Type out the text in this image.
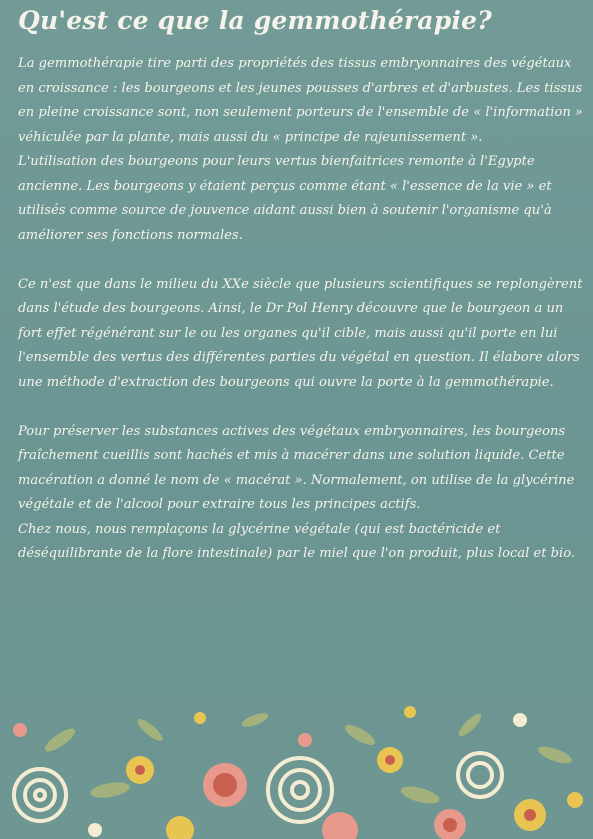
Qu'est ce que la gemmothérapie?

La gemmothérapie tire parti des propriétés des tissus embryonnaires des végétaux en croissance : les bourgeons et les jeunes pousses d'arbres et d'arbustes. Les tissus en pleine croissance sont, non seulement porteurs de l'ensemble de « l'information » véhiculée par la plante, mais aussi du « principe de rajeunissement ».

L'utilisation des bourgeons pour leurs vertus bienfaitrices remonte à l'Egypte ancienne. Les bourgeons y étaient perçus comme étant « l'essence de la vie » et utilisés comme source de jouvence aidant aussi bien à soutenir l'organisme qu'à améliorer ses fonctions normales.

Ce n'est que dans le milieu du XXe siècle que plusieurs scientifiques se replongèrent dans l'étude des bourgeons. Ainsi, le Dr Pol Henry découvre que le bourgeon a un fort effet régénérant sur le ou les organes qu'il cible, mais aussi qu'il porte en lui l'ensemble des vertus des différentes parties du végétal en question. Il élabore alors une méthode d'extraction des bourgeons qui ouvre la porte à la gemmothérapie.

Pour préserver les substances actives des végétaux embryonnaires, les bourgeons fraîchement cueillis sont hachés et mis à macérer dans une solution liquide. Cette macération a donné le nom de « macérat ». Normalement, on utilise de la glycérine végétale et de l'alcool pour extraire tous les principes actifs.

Chez nous, nous remplaçons la glycérine végétale (qui est bactéricide et déséquilibrante de la flore intestinale) par le miel que l'on produit, plus local et bio.
